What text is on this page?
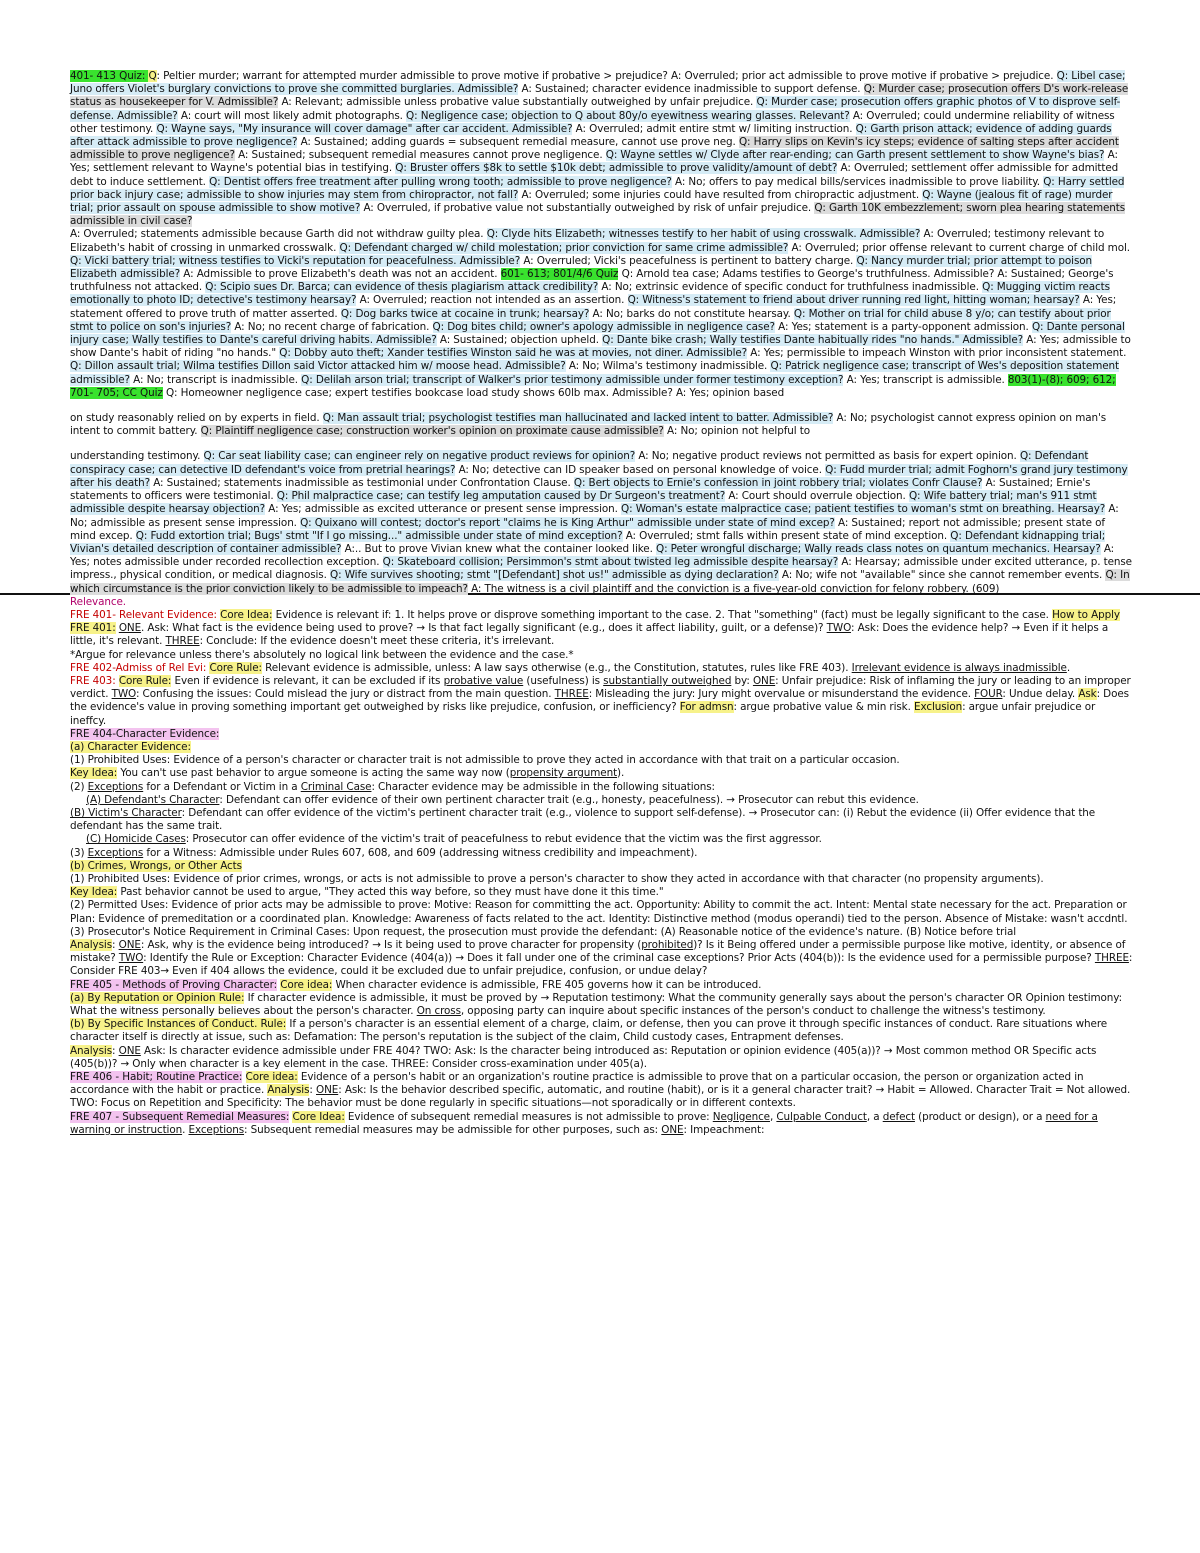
401- 413 Quiz: Q: Peltier murder; warrant for attempted murder admissible to prove motive if probative > prejudice? A: Overruled; prior act admissible to prove motive if probative > prejudice. Q: Libel case; Juno offers Violet's burglary convictions to prove she committed burglaries. Admissible? A: Sustained; character evidence inadmissible to support defense. Q: Murder case; prosecution offers D's work-release status as housekeeper for V. Admissible? A: Relevant; admissible unless probative value substantially outweighed by unfair prejudice. Q: Murder case; prosecution offers graphic photos of V to disprove self-defense. Admissible? A: court will most likely admit photographs. Q: Negligence case; objection to Q about 80y/o eyewitness wearing glasses. Relevant? A: Overruled; could undermine reliability of witness other testimony. Q: Wayne says, "My insurance will cover damage" after car accident. Admissible? A: Overruled; admit entire stmt w/ limiting instruction. Q: Garth prison attack; evidence of adding guards after attack admissible to prove negligence? A: Sustained; adding guards = subsequent remedial measure, cannot use prove neg. Q: Harry slips on Kevin's icy steps; evidence of salting steps after accident admissible to prove negligence? A: Sustained; subsequent remedial measures cannot prove negligence. Q: Wayne settles w/ Clyde after rear-ending; can Garth present settlement to show Wayne's bias? A: Yes; settlement relevant to Wayne's potential bias in testifying. Q: Bruster offers $8k to settle $10k debt; admissible to prove validity/amount of debt? A: Overruled; settlement offer admissible for admitted debt to induce settlement. Q: Dentist offers free treatment after pulling wrong tooth; admissible to prove negligence? A: No; offers to pay medical bills/services inadmissible to prove liability. Q: Harry settled prior back injury case; admissible to show injuries may stem from chiropractor, not fall? A: Overruled; some injuries could have resulted from chiropractic adjustment. Q: Wayne (jealous fit of rage) murder trial; prior assault on spouse admissible to show motive? A: Overruled, if probative value not substantially outweighed by risk of unfair prejudice. Q: Garth 10K embezzlement; sworn plea hearing statements admissible in civil case?

A: Overruled; statements admissible because Garth did not withdraw guilty plea. Q: Clyde hits Elizabeth; witnesses testify to her habit of using crosswalk. Admissible? A: Overruled; testimony relevant to Elizabeth's habit of crossing in unmarked crosswalk. Q: Defendant charged w/ child molestation; prior conviction for same crime admissible? A: Overruled; prior offense relevant to current charge of child mol. Q: Vicki battery trial; witness testifies to Vicki's reputation for peacefulness. Admissible? A: Overruled; Vicki's peacefulness is pertinent to battery charge. Q: Nancy murder trial; prior attempt to poison Elizabeth admissible? A: Admissible to prove Elizabeth's death was not an accident. 601- 613; 801/4/6 Quiz Q: Arnold tea case; Adams testifies to George's truthfulness. Admissible? A: Sustained; George's truthfulness not attacked. Q: Scipio sues Dr. Barca; can evidence of thesis plagiarism attack credibility? A: No; extrinsic evidence of specific conduct for truthfulness inadmissible. Q: Mugging victim reacts emotionally to photo ID; detective's testimony hearsay? A: Overruled; reaction not intended as an assertion. Q: Witness's statement to friend about driver running red light, hitting woman; hearsay? A: Yes; statement offered to prove truth of matter asserted. Q: Dog barks twice at cocaine in trunk; hearsay? A: No; barks do not constitute hearsay. Q: Mother on trial for child abuse 8 y/o; can testify about prior stmt to police on son's injuries? A: No; no recent charge of fabrication. Q: Dog bites child; owner's apology admissible in negligence case? A: Yes; statement is a party-opponent admission. Q: Dante personal injury case; Wally testifies to Dante's careful driving habits. Admissible? A: Sustained; objection upheld. Q: Dante bike crash; Wally testifies Dante habitually rides "no hands." Admissible? A: Yes; admissible to show Dante's habit of riding "no hands." Q: Dobby auto theft; Xander testifies Winston said he was at movies, not diner. Admissible? A: Yes; permissible to impeach Winston with prior inconsistent statement. Q: Dillon assault trial; Wilma testifies Dillon said Victor attacked him w/ moose head. Admissible? A: No; Wilma's testimony inadmissible. Q: Patrick negligence case; transcript of Wes's deposition statement admissible? A: No; transcript is inadmissible. Q: Delilah arson trial; transcript of Walker's prior testimony admissible under former testimony exception? A: Yes; transcript is admissible. 803(1)-(8); 609; 612; 701- 705; CC Quiz Q: Homeowner negligence case; expert testifies bookcase load study shows 60lb max. Admissible? A: Yes; opinion based

on study reasonably relied on by experts in field. Q: Man assault trial; psychologist testifies man hallucinated and lacked intent to batter. Admissible? A: No; psychologist cannot express opinion on man's intent to commit battery. Q: Plaintiff negligence case; construction worker's opinion on proximate cause admissible? A: No; opinion not helpful to

understanding testimony. Q: Car seat liability case; can engineer rely on negative product reviews for opinion? A: No; negative product reviews not permitted as basis for expert opinion. Q: Defendant conspiracy case; can detective ID defendant's voice from pretrial hearings? A: No; detective can ID speaker based on personal knowledge of voice. Q: Fudd murder trial; admit Foghorn's grand jury testimony after his death? A: Sustained; statements inadmissible as testimonial under Confrontation Clause. Q: Bert objects to Ernie's confession in joint robbery trial; violates Confr Clause? A: Sustained; Ernie's statements to officers were testimonial. Q: Phil malpractice case; can testify leg amputation caused by Dr Surgeon's treatment? A: Court should overrule objection. Q: Wife battery trial; man's 911 stmt admissible despite hearsay objection? A: Yes; admissible as excited utterance or present sense impression. Q: Woman's estate malpractice case; patient testifies to woman's stmt on breathing. Hearsay? A: No; admissible as present sense impression. Q: Quixano will contest; doctor's report "claims he is King Arthur" admissible under state of mind excep? A: Sustained; report not admissible; present state of mind excep. Q: Fudd extortion trial; Bugs' stmt "If I go missing..." admissible under state of mind exception? A: Overruled; stmt falls within present state of mind exception. Q: Defendant kidnapping trial; Vivian's detailed description of container admissible? A:.. But to prove Vivian knew what the container looked like. Q: Peter wrongful discharge; Wally reads class notes on quantum mechanics. Hearsay? A: Yes; notes admissible under recorded recollection exception. Q: Skateboard collision; Persimmon's stmt about twisted leg admissible despite hearsay? A: Hearsay; admissible under excited utterance, p. tense impress., physical condition, or medical diagnosis. Q: Wife survives shooting; stmt "[Defendant] shot us!" admissible as dying declaration? A: No; wife not "available" since she cannot remember events. Q: In which circumstance is the prior conviction likely to be admissible to impeach? A: The witness is a civil plaintiff and the conviction is a five-year-old conviction for felony robbery. (609)

Relevance.

FRE 401- Relevant Evidence: Core Idea: Evidence is relevant if: 1. It helps prove or disprove something important to the case. 2. That "something" (fact) must be legally significant to the case. How to Apply FRE 401: ONE. Ask: What fact is the evidence being used to prove? → Is that fact legally significant (e.g., does it affect liability, guilt, or a defense)? TWO: Ask: Does the evidence help? → Even if it helps a little, it's relevant. THREE: Conclude: If the evidence doesn't meet these criteria, it's irrelevant.

*Argue for relevance unless there's absolutely no logical link between the evidence and the case.*

FRE 402-Admiss of Rel Evi: Core Rule: Relevant evidence is admissible, unless: A law says otherwise (e.g., the Constitution, statutes, rules like FRE 403). Irrelevant evidence is always inadmissible.

FRE 403: Core Rule: Even if evidence is relevant, it can be excluded if its probative value (usefulness) is substantially outweighed by: ONE: Unfair prejudice: Risk of inflaming the jury or leading to an improper verdict. TWO: Confusing the issues: Could mislead the jury or distract from the main question. THREE: Misleading the jury: Jury might overvalue or misunderstand the evidence. FOUR: Undue delay. Ask: Does the evidence's value in proving something important get outweighed by risks like prejudice, confusion, or inefficiency? For admsn: argue probative value & min risk. Exclusion: argue unfair prejudice or ineffcy.

FRE 404-Character Evidence:

(a) Character Evidence:

(1) Prohibited Uses: Evidence of a person's character or character trait is not admissible to prove they acted in accordance with that trait on a particular occasion.

Key Idea: You can't use past behavior to argue someone is acting the same way now (propensity argument).

(2) Exceptions for a Defendant or Victim in a Criminal Case: Character evidence may be admissible in the following situations:

(A) Defendant's Character: Defendant can offer evidence of their own pertinent character trait (e.g., honesty, peacefulness). → Prosecutor can rebut this evidence.

(B) Victim's Character: Defendant can offer evidence of the victim's pertinent character trait (e.g., violence to support self-defense). → Prosecutor can: (i) Rebut the evidence (ii) Offer evidence that the defendant has the same trait.

(C) Homicide Cases: Prosecutor can offer evidence of the victim's trait of peacefulness to rebut evidence that the victim was the first aggressor.

(3) Exceptions for a Witness: Admissible under Rules 607, 608, and 609 (addressing witness credibility and impeachment).

(b) Crimes, Wrongs, or Other Acts

(1) Prohibited Uses: Evidence of prior crimes, wrongs, or acts is not admissible to prove a person's character to show they acted in accordance with that character (no propensity arguments).

Key Idea: Past behavior cannot be used to argue, "They acted this way before, so they must have done it this time."

(2) Permitted Uses: Evidence of prior acts may be admissible to prove: Motive: Reason for committing the act. Opportunity: Ability to commit the act. Intent: Mental state necessary for the act. Preparation or Plan: Evidence of premeditation or a coordinated plan. Knowledge: Awareness of facts related to the act. Identity: Distinctive method (modus operandi) tied to the person. Absence of Mistake: wasn't accdntl.

(3) Prosecutor's Notice Requirement in Criminal Cases: Upon request, the prosecution must provide the defendant: (A) Reasonable notice of the evidence's nature. (B) Notice before trial

Analysis: ONE: Ask, why is the evidence being introduced? → Is it being used to prove character for propensity (prohibited)? Is it Being offered under a permissible purpose like motive, identity, or absence of mistake? TWO: Identify the Rule or Exception: Character Evidence (404(a)) → Does it fall under one of the criminal case exceptions? Prior Acts (404(b)): Is the evidence used for a permissible purpose? THREE: Consider FRE 403→ Even if 404 allows the evidence, could it be excluded due to unfair prejudice, confusion, or undue delay?

FRE 405 - Methods of Proving Character: Core idea: When character evidence is admissible, FRE 405 governs how it can be introduced.

(a) By Reputation or Opinion Rule: If character evidence is admissible, it must be proved by → Reputation testimony: What the community generally says about the person's character OR Opinion testimony: What the witness personally believes about the person's character. On cross, opposing party can inquire about specific instances of the person's conduct to challenge the witness's testimony.

(b) By Specific Instances of Conduct. Rule: If a person's character is an essential element of a charge, claim, or defense, then you can prove it through specific instances of conduct. Rare situations where character itself is directly at issue, such as: Defamation: The person's reputation is the subject of the claim, Child custody cases, Entrapment defenses.

Analysis: ONE Ask: Is character evidence admissible under FRE 404? TWO: Ask: Is the character being introduced as: Reputation or opinion evidence (405(a))? → Most common method OR Specific acts (405(b))? → Only when character is a key element in the case. THREE: Consider cross-examination under 405(a).

FRE 406 - Habit; Routine Practice: Core idea: Evidence of a person's habit or an organization's routine practice is admissible to prove that on a particular occasion, the person or organization acted in accordance with the habit or practice. Analysis: ONE: Ask: Is the behavior described specific, automatic, and routine (habit), or is it a general character trait? → Habit = Allowed. Character Trait = Not allowed. TWO: Focus on Repetition and Specificity: The behavior must be done regularly in specific situations—not sporadically or in different contexts.

FRE 407 - Subsequent Remedial Measures: Core Idea: Evidence of subsequent remedial measures is not admissible to prove: Negligence, Culpable Conduct, a defect (product or design), or a need for a warning or instruction. Exceptions: Subsequent remedial measures may be admissible for other purposes, such as: ONE: Impeachment:
